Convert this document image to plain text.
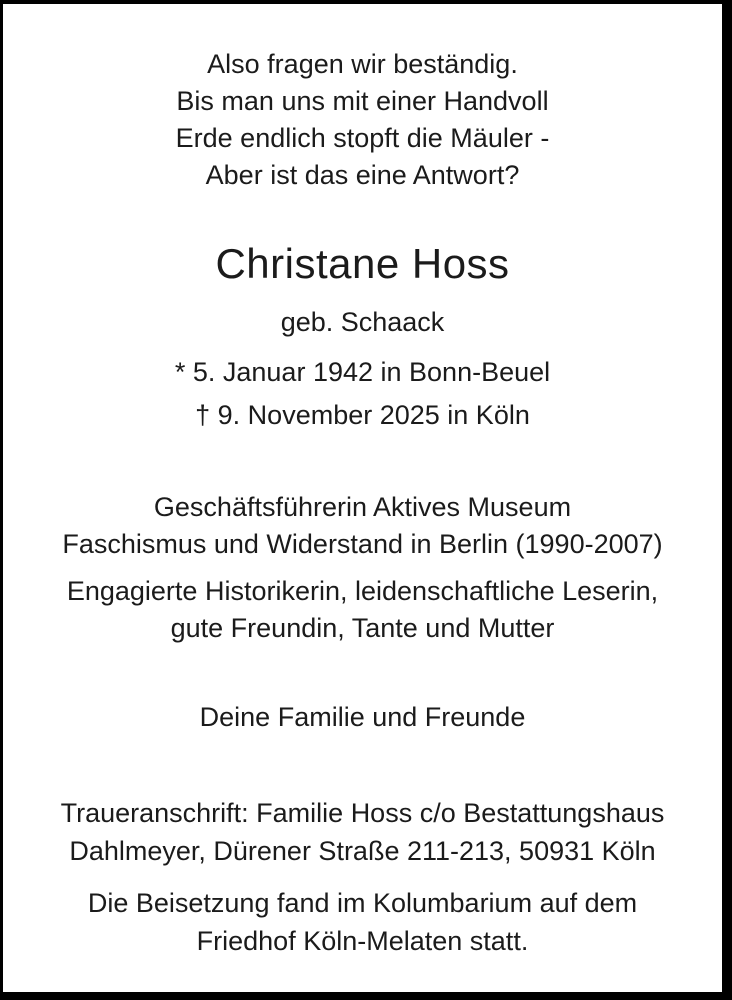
Also fragen wir beständig.
Bis man uns mit einer Handvoll
Erde endlich stopft die Mäuler -
Aber ist das eine Antwort?
Christane Hoss
geb. Schaack
* 5. Januar 1942 in Bonn-Beuel
† 9. November 2025 in Köln
Geschäftsführerin Aktives Museum
Faschismus und Widerstand in Berlin (1990-2007)
Engagierte Historikerin, leidenschaftliche Leserin,
gute Freundin, Tante und Mutter
Deine Familie und Freunde
Traueranschrift: Familie Hoss c/o Bestattungshaus
Dahlmeyer, Dürener Straße 211-213, 50931 Köln
Die Beisetzung fand im Kolumbarium auf dem
Friedhof Köln-Melaten statt.
